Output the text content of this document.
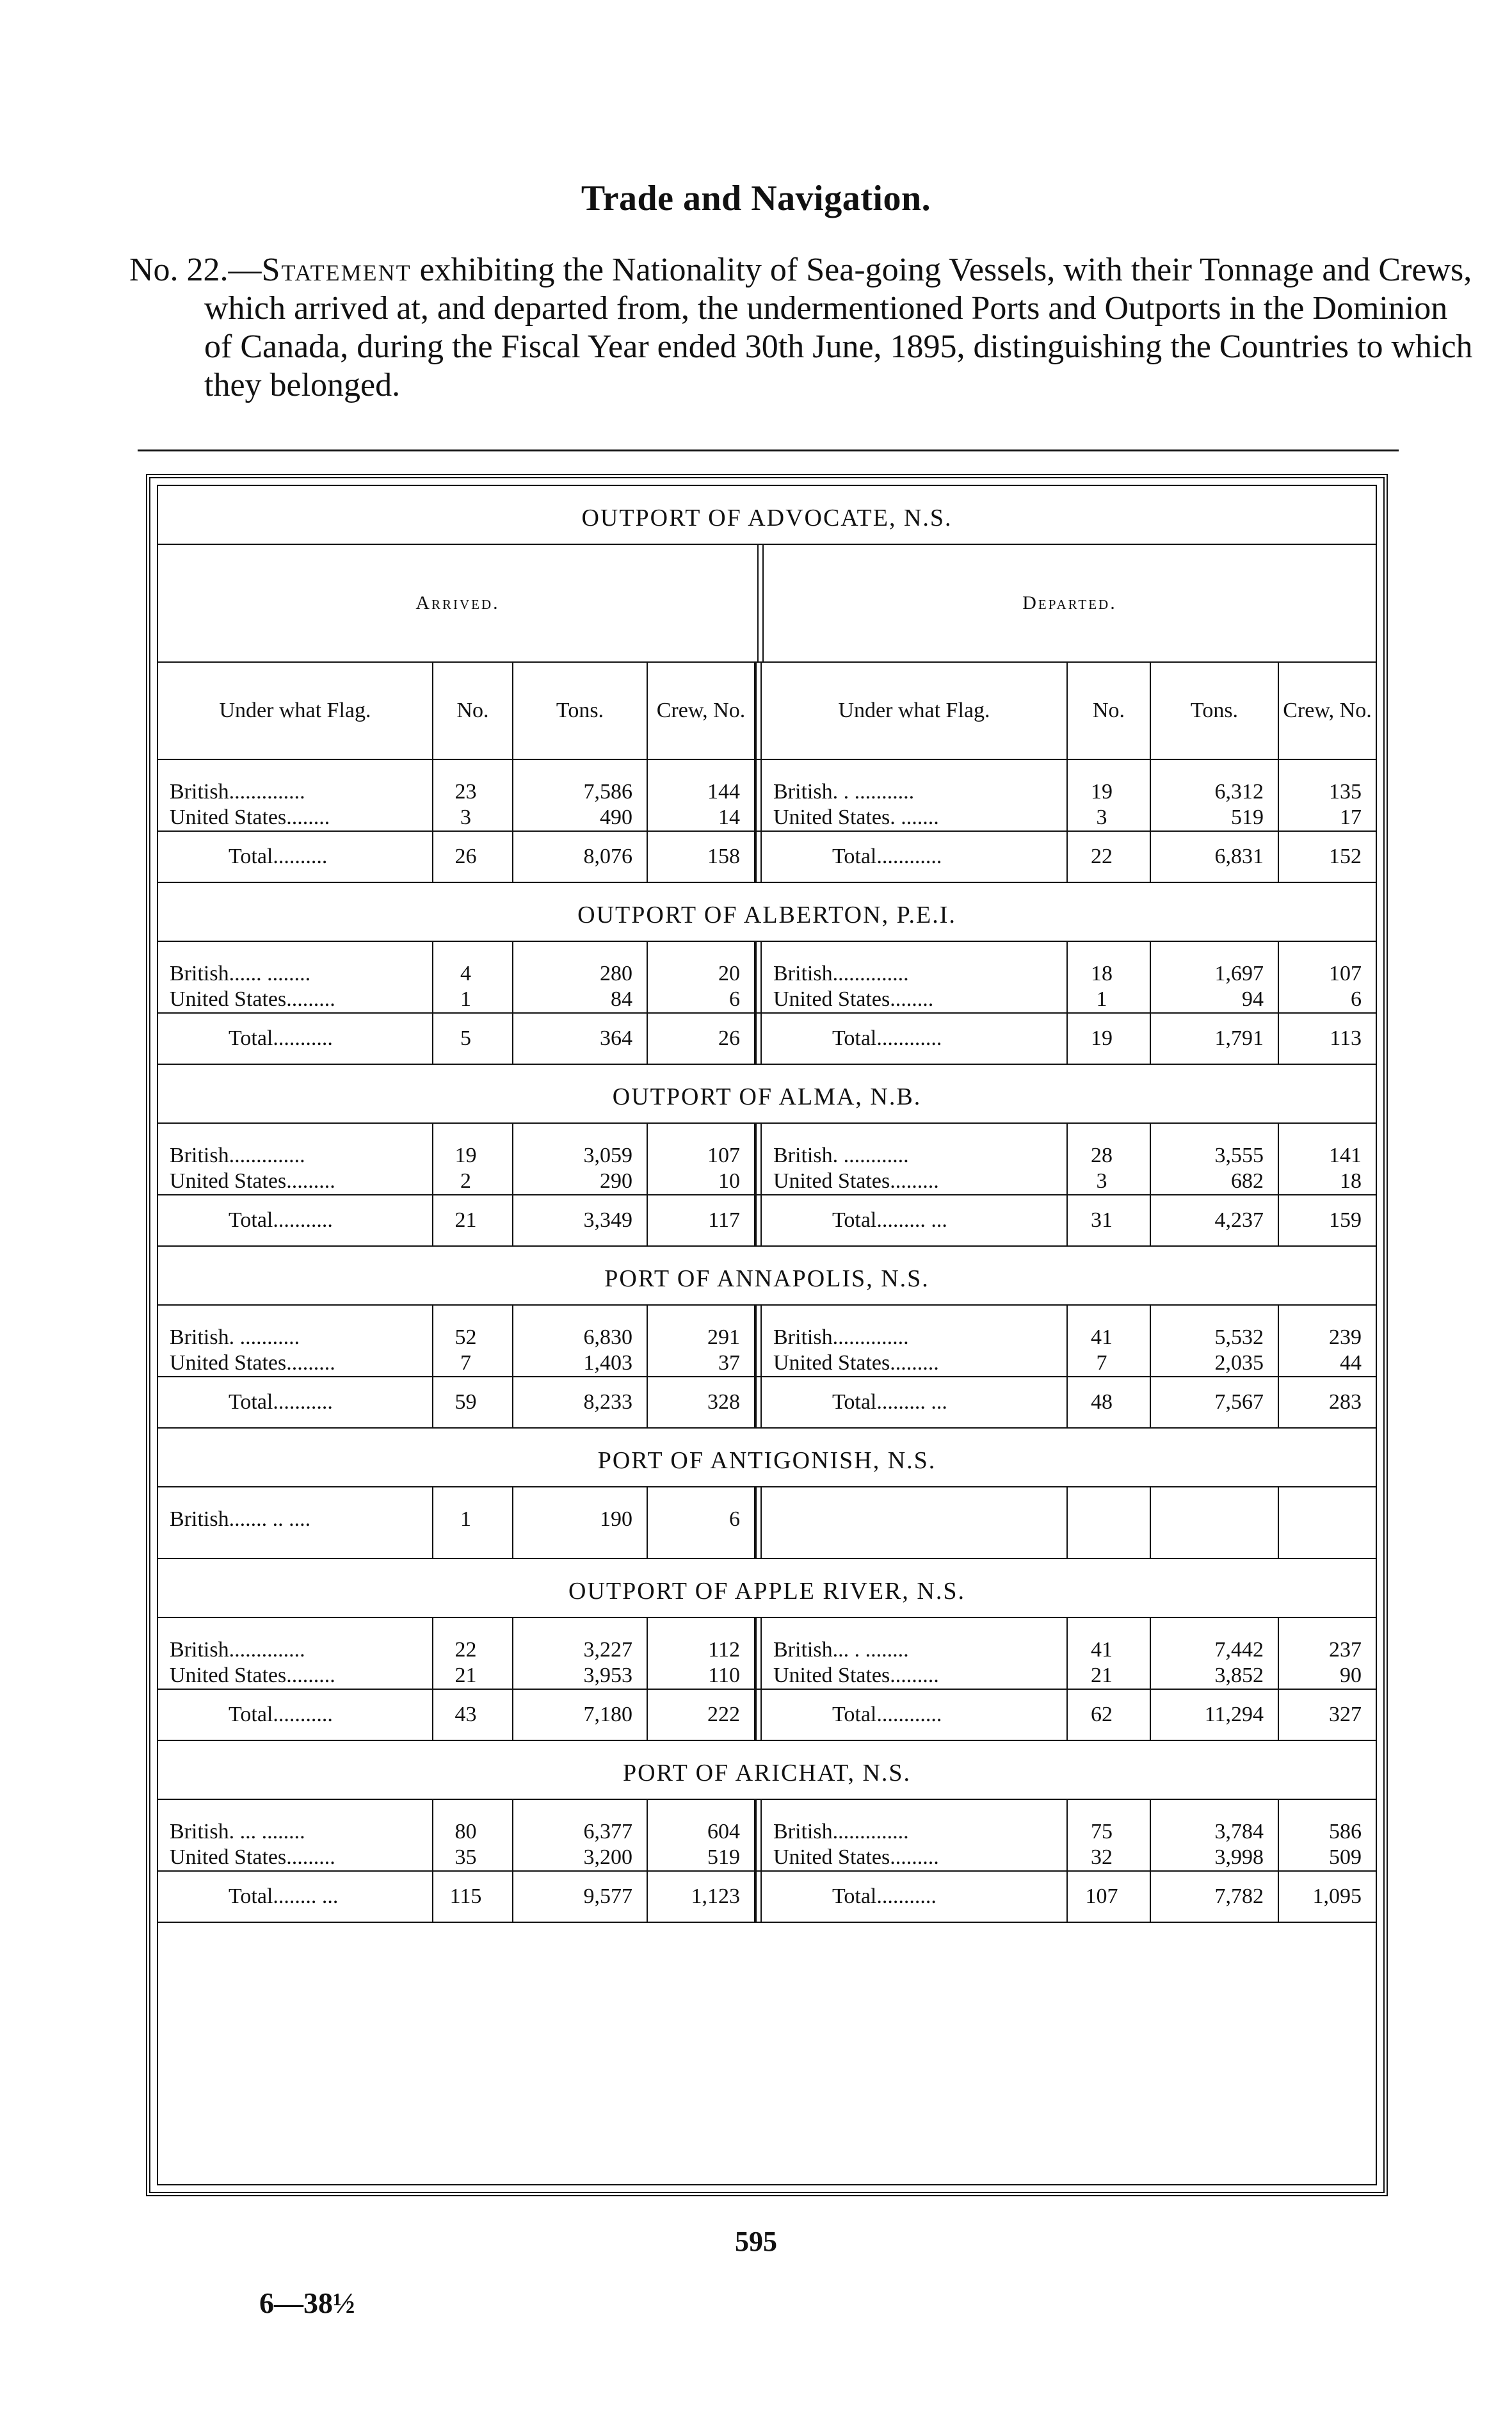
Trade and Navigation.
No. 22.—Statement exhibiting the Nationality of Sea-going Vessels, with their Tonnage and Crews, which arrived at, and departed from, the undermentioned Ports and Outports in the Dominion of Canada, during the Fiscal Year ended 30th June, 1895, distinguishing the Countries to which they belonged.
OUTPORT OF ADVOCATE, N.S.
Arrived.	Departed.
Under what Flag.	No.	Tons.	Crew, No.	Under what Flag.	No.	Tons.	Crew, No.
British..............	23	7,586	144	British. . ...........	19	6,312	135
United States........	3	490	14	United States. .......	3	519	17
Total..........	26	8,076	158	Total............	22	6,831	152
OUTPORT OF ALBERTON, P.E.I.
British...... ........	4	280	20	British..............	18	1,697	107
United States.........	1	84	6	United States........	1	94	6
Total...........	5	364	26	Total............	19	1,791	113
OUTPORT OF ALMA, N.B.
British..............	19	3,059	107	British. ............	28	3,555	141
United States.........	2	290	10	United States.........	3	682	18
Total...........	21	3,349	117	Total......... ...	31	4,237	159
PORT OF ANNAPOLIS, N.S.
British. ...........	52	6,830	291	British..............	41	5,532	239
United States.........	7	1,403	37	United States.........	7	2,035	44
Total...........	59	8,233	328	Total......... ...	48	7,567	283
PORT OF ANTIGONISH, N.S.
British....... .. ....	1	190	6
OUTPORT OF APPLE RIVER, N.S.
British..............	22	3,227	112	British... . ........	41	7,442	237
United States.........	21	3,953	110	United States.........	21	3,852	90
Total...........	43	7,180	222	Total............	62	11,294	327
PORT OF ARICHAT, N.S.
British. ... ........	80	6,377	604	British..............	75	3,784	586
United States.........	35	3,200	519	United States.........	32	3,998	509
Total........ ...	115	9,577	1,123	Total...........	107	7,782	1,095
595
6—38½
